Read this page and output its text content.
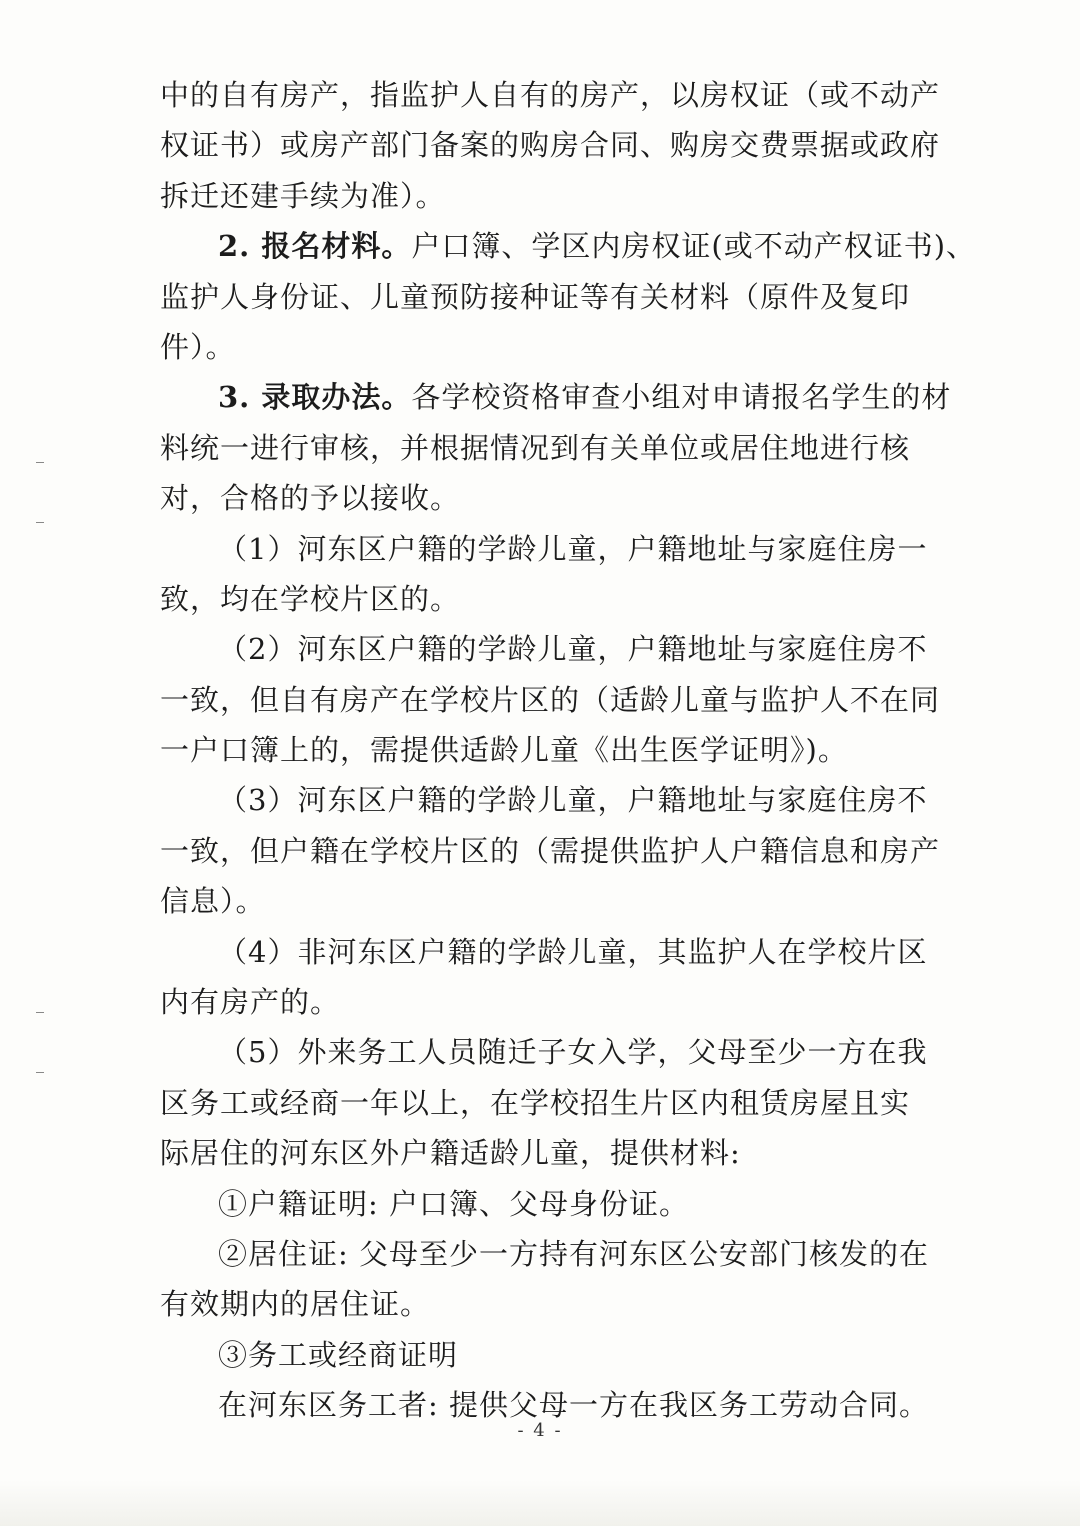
中的自有房产，指监护人自有的房产，以房权证（或不动产
权证书）或房产部门备案的购房合同、购房交费票据或政府
拆迁还建手续为准）。
2. 报名材料。户口簿、学区内房权证(或不动产权证书)、
监护人身份证、儿童预防接种证等有关材料（原件及复印
件）。
3. 录取办法。各学校资格审查小组对申请报名学生的材
料统一进行审核，并根据情况到有关单位或居住地进行核
对，合格的予以接收。
（1）河东区户籍的学龄儿童，户籍地址与家庭住房一
致，均在学校片区的。
（2）河东区户籍的学龄儿童，户籍地址与家庭住房不
一致，但自有房产在学校片区的（适龄儿童与监护人不在同
一户口簿上的，需提供适龄儿童《出生医学证明》)。
（3）河东区户籍的学龄儿童，户籍地址与家庭住房不
一致，但户籍在学校片区的（需提供监护人户籍信息和房产
信息）。
（4）非河东区户籍的学龄儿童，其监护人在学校片区
内有房产的。
（5）外来务工人员随迁子女入学，父母至少一方在我
区务工或经商一年以上，在学校招生片区内租赁房屋且实
际居住的河东区外户籍适龄儿童，提供材料:
①户籍证明: 户口簿、父母身份证。
②居住证: 父母至少一方持有河东区公安部门核发的在
有效期内的居住证。
③务工或经商证明
在河东区务工者: 提供父母一方在我区务工劳动合同。
- 4 -
